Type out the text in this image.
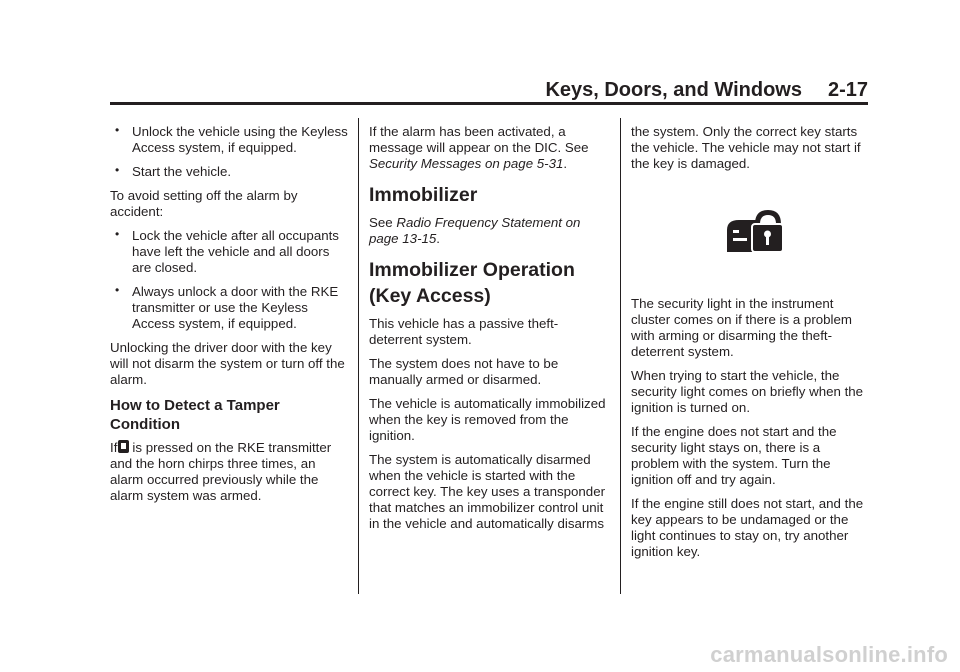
Keys, Doors, and Windows 2-17
• Unlock the vehicle using the Keyless Access system, if equipped.
• Start the vehicle.

To avoid setting off the alarm by accident:

• Lock the vehicle after all occupants have left the vehicle and all doors are closed.
• Always unlock a door with the RKE transmitter or use the Keyless Access system, if equipped.

Unlocking the driver door with the key will not disarm the system or turn off the alarm.

How to Detect a Tamper Condition

If is pressed on the RKE transmitter and the horn chirps three times, an alarm occurred previously while the alarm system was armed.

If the alarm has been activated, a message will appear on the DIC. See Security Messages on page 5-31.

Immobilizer

See Radio Frequency Statement on page 13-15.

Immobilizer Operation (Key Access)

This vehicle has a passive theft-deterrent system.

The system does not have to be manually armed or disarmed.

The vehicle is automatically immobilized when the key is removed from the ignition.

The system is automatically disarmed when the vehicle is started with the correct key. The key uses a transponder that matches an immobilizer control unit in the vehicle and automatically disarms

the system. Only the correct key starts the vehicle. The vehicle may not start if the key is damaged.

The security light in the instrument cluster comes on if there is a problem with arming or disarming the theft-deterrent system.

When trying to start the vehicle, the security light comes on briefly when the ignition is turned on.

If the engine does not start and the security light stays on, there is a problem with the system. Turn the ignition off and try again.

If the engine still does not start, and the key appears to be undamaged or the light continues to stay on, try another ignition key.

carmanualsonline.info
